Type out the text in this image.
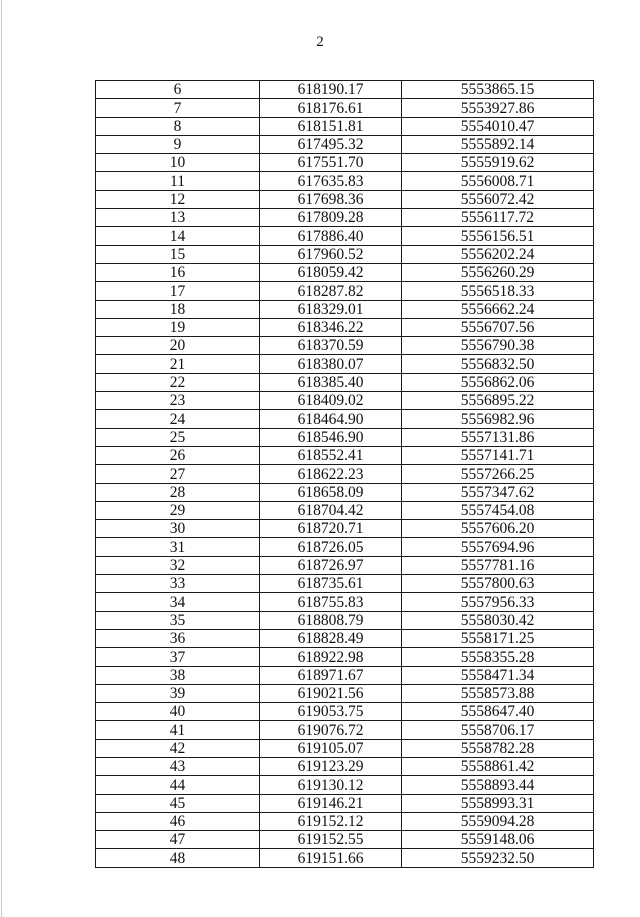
2
6	618190.17	5553865.15
7	618176.61	5553927.86
8	618151.81	5554010.47
9	617495.32	5555892.14
10	617551.70	5555919.62
11	617635.83	5556008.71
12	617698.36	5556072.42
13	617809.28	5556117.72
14	617886.40	5556156.51
15	617960.52	5556202.24
16	618059.42	5556260.29
17	618287.82	5556518.33
18	618329.01	5556662.24
19	618346.22	5556707.56
20	618370.59	5556790.38
21	618380.07	5556832.50
22	618385.40	5556862.06
23	618409.02	5556895.22
24	618464.90	5556982.96
25	618546.90	5557131.86
26	618552.41	5557141.71
27	618622.23	5557266.25
28	618658.09	5557347.62
29	618704.42	5557454.08
30	618720.71	5557606.20
31	618726.05	5557694.96
32	618726.97	5557781.16
33	618735.61	5557800.63
34	618755.83	5557956.33
35	618808.79	5558030.42
36	618828.49	5558171.25
37	618922.98	5558355.28
38	618971.67	5558471.34
39	619021.56	5558573.88
40	619053.75	5558647.40
41	619076.72	5558706.17
42	619105.07	5558782.28
43	619123.29	5558861.42
44	619130.12	5558893.44
45	619146.21	5558993.31
46	619152.12	5559094.28
47	619152.55	5559148.06
48	619151.66	5559232.50
